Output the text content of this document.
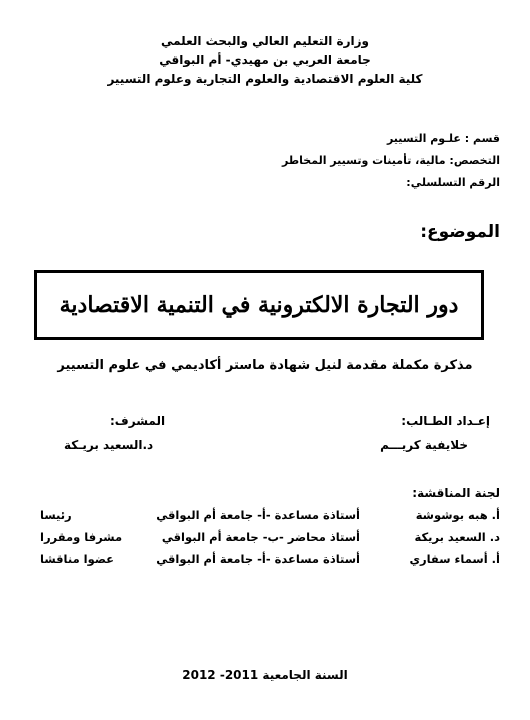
وزارة التعليم العالي والبحث العلمي
جامعة العربي بن مهيدي- أم البواقي
كلية العلوم الاقتصادية والعلوم التجارية وعلوم التسيير
قسم : علـوم التسيير
التخصص: مالية، تأمينات وتسيير المخاطر
الرقم التسلسلي:
الموضوع:
دور التجارة الالكترونية في التنمية الاقتصادية
مذكرة مكملة مقدمة لنيل شهادة ماستر أكاديمي في علوم التسيير
إعـداد الطـالب:
خلايفية كريـــم
المشرف:
د.السعيد بريـكة
لجنة المناقشة:
أ. هبه بوشوشة
أستاذة مساعدة -أ- جامعة أم البواقي
رئيسا
د. السعيد بريكة
أستاذ محاضر -ب- جامعة أم البواقي
مشرفا ومقررا
أ. أسماء سفاري
أستاذة مساعدة -أ- جامعة أم البواقي
عضوا مناقشا
السنة الجامعية 2011- 2012
